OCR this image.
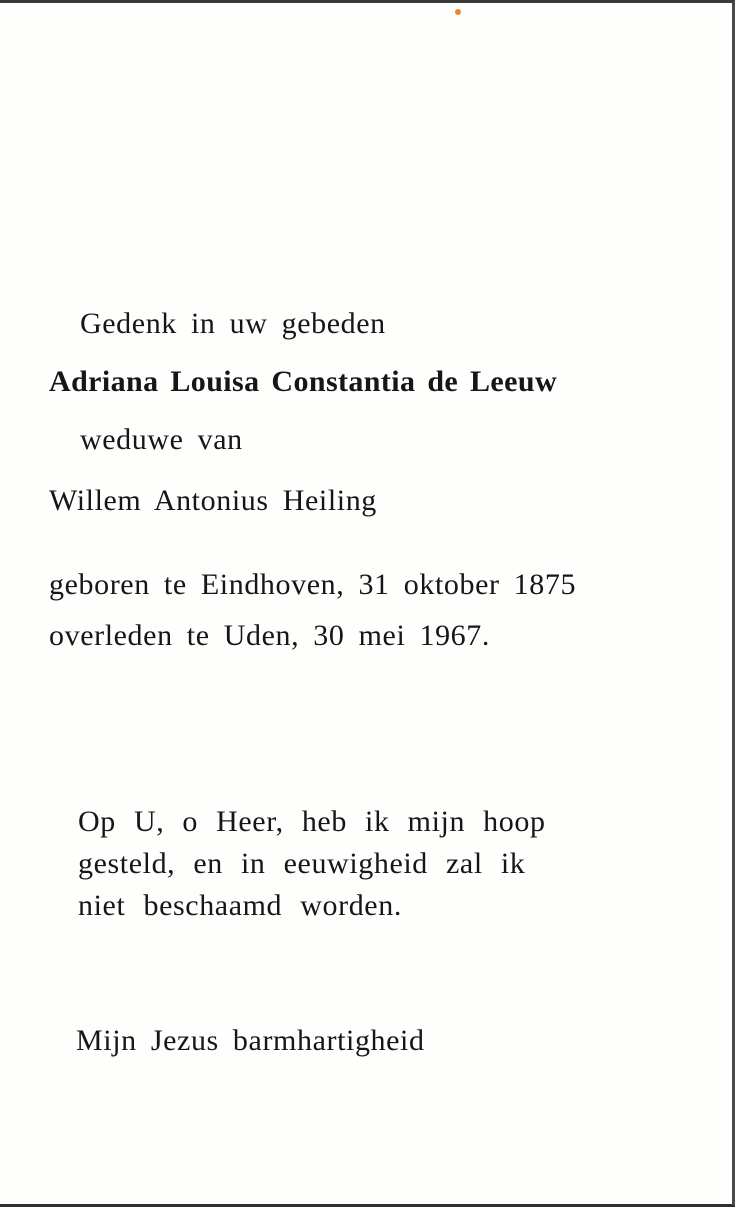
Gedenk in uw gebeden
Adriana Louisa Constantia de Leeuw
weduwe van
Willem Antonius Heiling
geboren te Eindhoven, 31 oktober 1875
overleden te Uden, 30 mei 1967.
Op U, o Heer, heb ik mijn hoop
gesteld, en in eeuwigheid zal ik
niet beschaamd worden.
Mijn Jezus barmhartigheid
